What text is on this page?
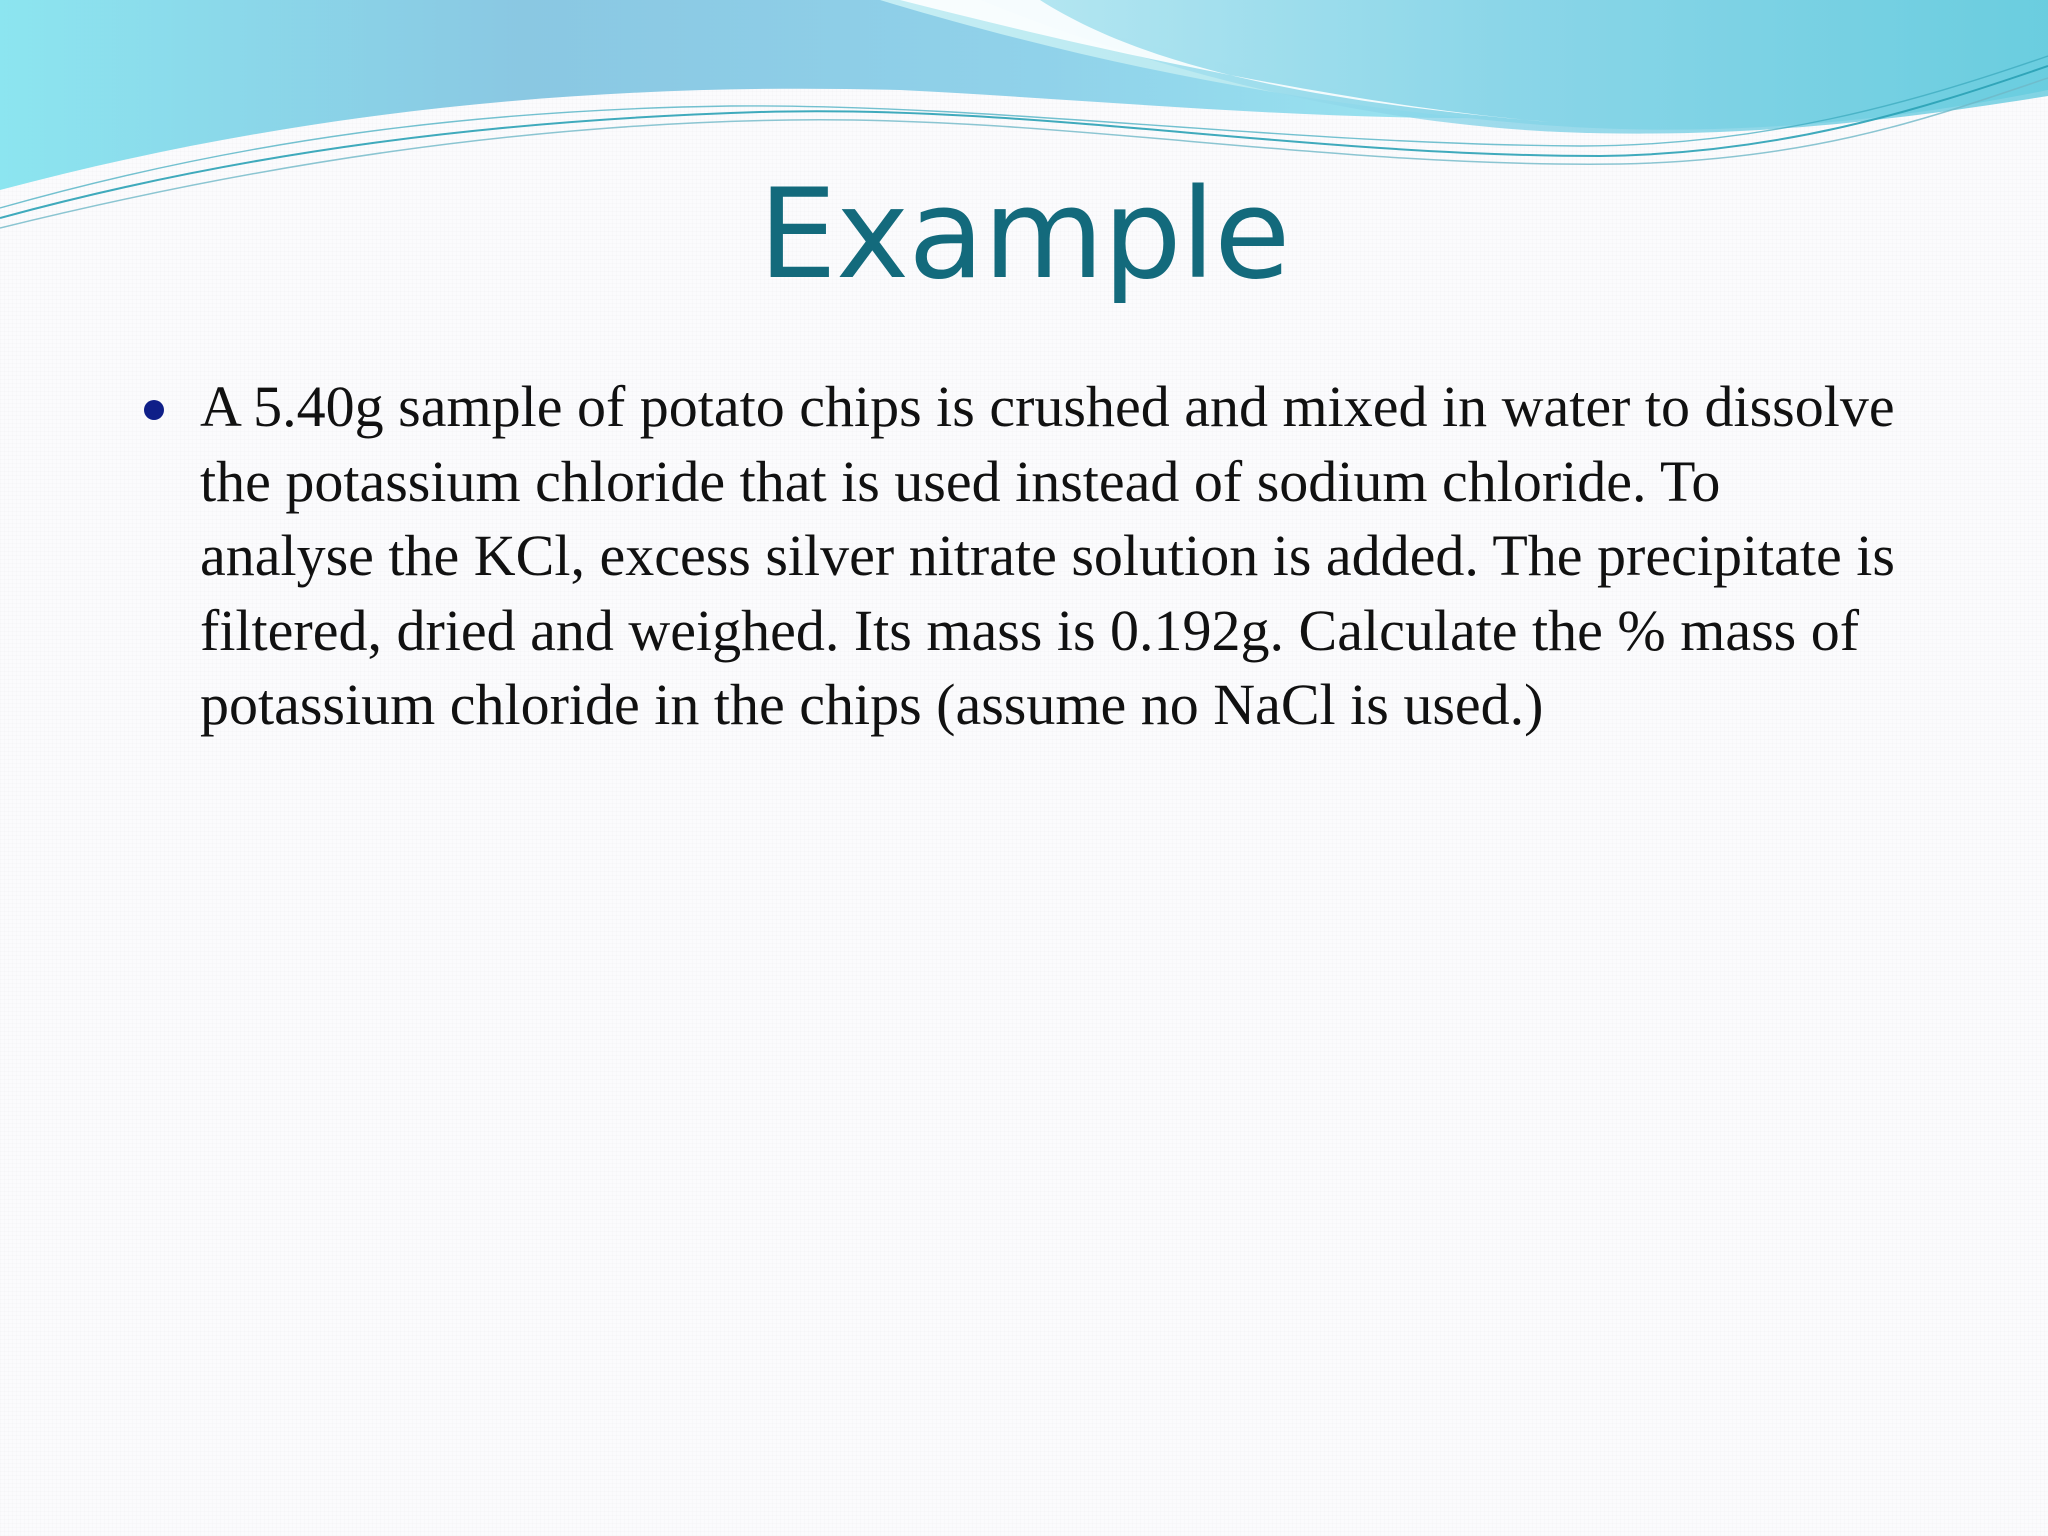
Example
A 5.40g sample of potato chips is crushed and mixed in water to dissolve the potassium chloride that is used instead of sodium chloride. To analyse the KCl, excess silver nitrate solution is added. The precipitate is filtered, dried and weighed. Its mass is 0.192g. Calculate the % mass of potassium chloride in the chips (assume no NaCl is used.)
